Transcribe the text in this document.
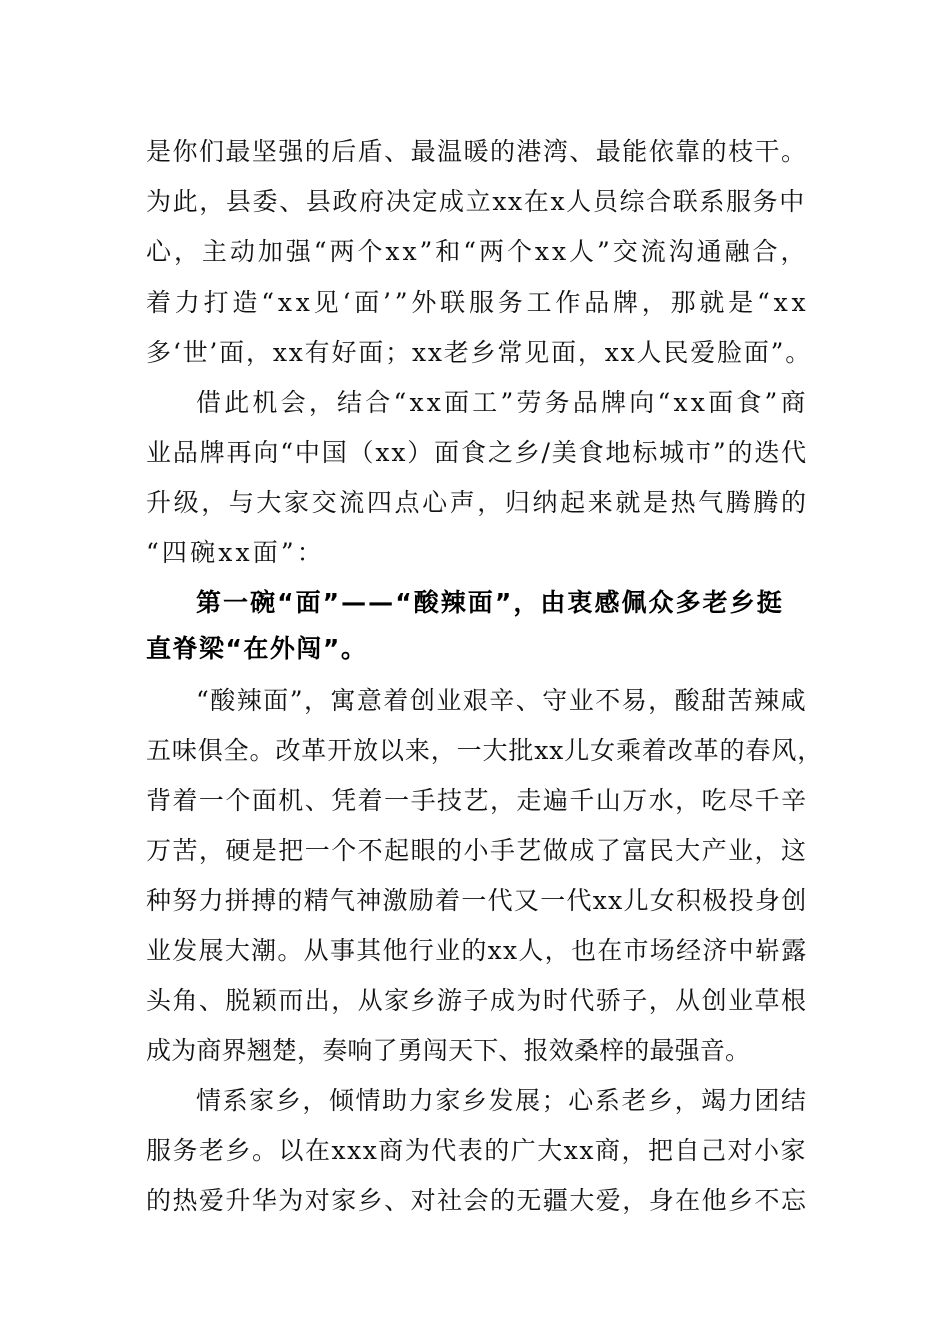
是你们最坚强的后盾、最温暖的港湾、最能依靠的枝干。
为此，县委、县政府决定成立xx在x人员综合联系服务中
心，主动加强“两个xx”和“两个xx人”交流沟通融合，
着力打造“xx见‘面’”外联服务工作品牌，那就是“xx
多‘世’面，xx有好面；xx老乡常见面，xx人民爱脸面”。
借此机会，结合“xx面工”劳务品牌向“xx面食”商
业品牌再向“中国（xx）面食之乡/美食地标城市”的迭代
升级，与大家交流四点心声，归纳起来就是热气腾腾的
“四碗xx面”：
第一碗“面”——“酸辣面”，由衷感佩众多老乡挺
直脊梁“在外闯”。
“酸辣面”，寓意着创业艰辛、守业不易，酸甜苦辣咸
五味俱全。改革开放以来，一大批xx儿女乘着改革的春风，
背着一个面机、凭着一手技艺，走遍千山万水，吃尽千辛
万苦，硬是把一个不起眼的小手艺做成了富民大产业，这
种努力拼搏的精气神激励着一代又一代xx儿女积极投身创
业发展大潮。从事其他行业的xx人，也在市场经济中崭露
头角、脱颖而出，从家乡游子成为时代骄子，从创业草根
成为商界翘楚，奏响了勇闯天下、报效桑梓的最强音。
情系家乡，倾情助力家乡发展；心系老乡，竭力团结
服务老乡。以在xxx商为代表的广大xx商，把自己对小家
的热爱升华为对家乡、对社会的无疆大爱，身在他乡不忘
